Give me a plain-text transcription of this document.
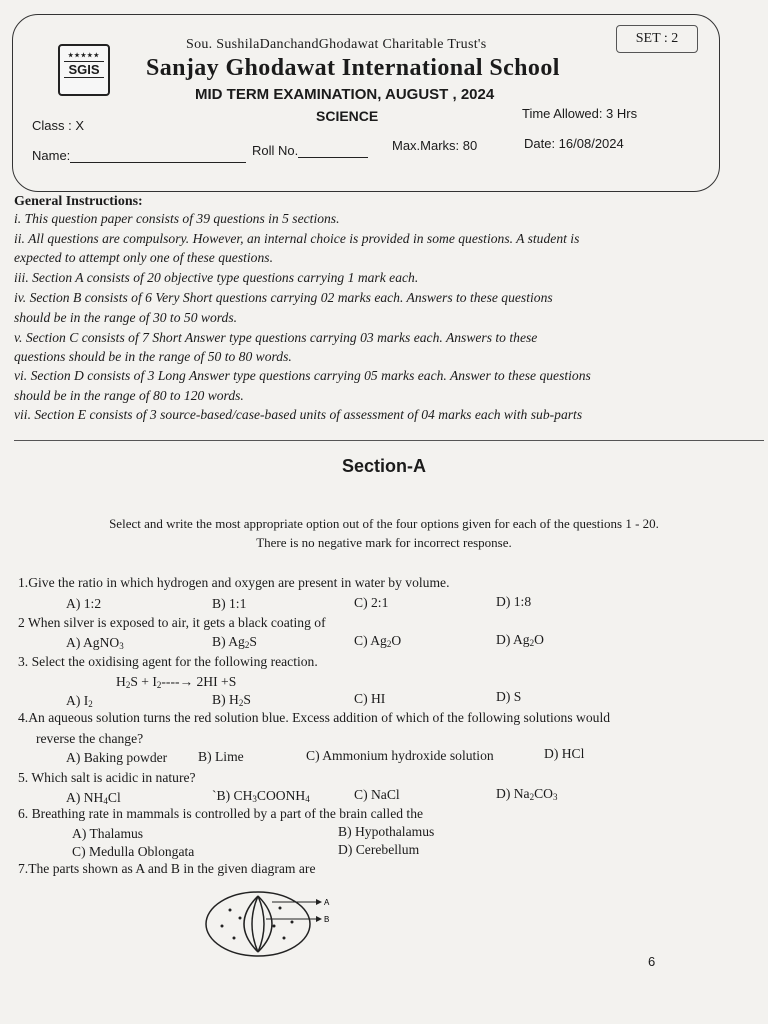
SET : 2
★★★★★
SGIS
Sou. SushilaDanchandGhodawat Charitable Trust's
Sanjay Ghodawat International School
MID TERM EXAMINATION, AUGUST , 2024
SCIENCE
Class : X
Time Allowed: 3 Hrs
Name:	Roll No.	Max.Marks: 80	Date: 16/08/2024
General Instructions:
i. This question paper consists of 39 questions in 5 sections.
ii. All questions are compulsory. However, an internal choice is provided in some questions. A student is
expected to attempt only one of these questions.
iii. Section A consists of 20 objective type questions carrying 1 mark each.
iv. Section B consists of 6 Very Short questions carrying 02 marks each. Answers to these questions
should be in the range of 30 to 50 words.
v. Section C consists of 7 Short Answer type questions carrying 03 marks each. Answers to these
questions should be in the range of 50 to 80 words.
vi. Section D consists of 3 Long Answer type questions carrying 05 marks each. Answer to these questions
should be in the range of 80 to 120 words.
vii. Section E consists of 3 source-based/case-based units of assessment of 04 marks each with sub-parts
Section-A
Select and write the most appropriate option out of the four options given for each of the questions 1 - 20.
There is no negative mark for incorrect response.
1.Give the ratio in which hydrogen and oxygen are present in water by volume.
A) 1:2	B) 1:1	C) 2:1	D) 1:8
2 When silver is exposed to air, it gets a black coating of
A) AgNO$_3$	B) $Ag_2S$	C) $Ag_2O$	D) $Ag_2O$
3. Select the oxidising agent for the following reaction.
$H_2S + I_2----\to 2HI +S$
A) $I_2$	B) $H_2S$	C) HI	D) S
4.An aqueous solution turns the red solution blue. Excess addition of which of the following solutions would
reverse the change?
A) Baking powder B) Lime	C) Ammonium hydroxide solution	D) HCl
5. Which salt is acidic in nature?
A) $NH_4Cl$	`B) $CH_3COONH_4$	C) NaCl	D) $Na_2CO_3$
6. Breathing rate in mammals is controlled by a part of the brain called the
A) Thalamus	B) Hypothalamus
C) Medulla Oblongata	D) Cerebellum
7.The parts shown as A and B in the given diagram are
A
B
6
